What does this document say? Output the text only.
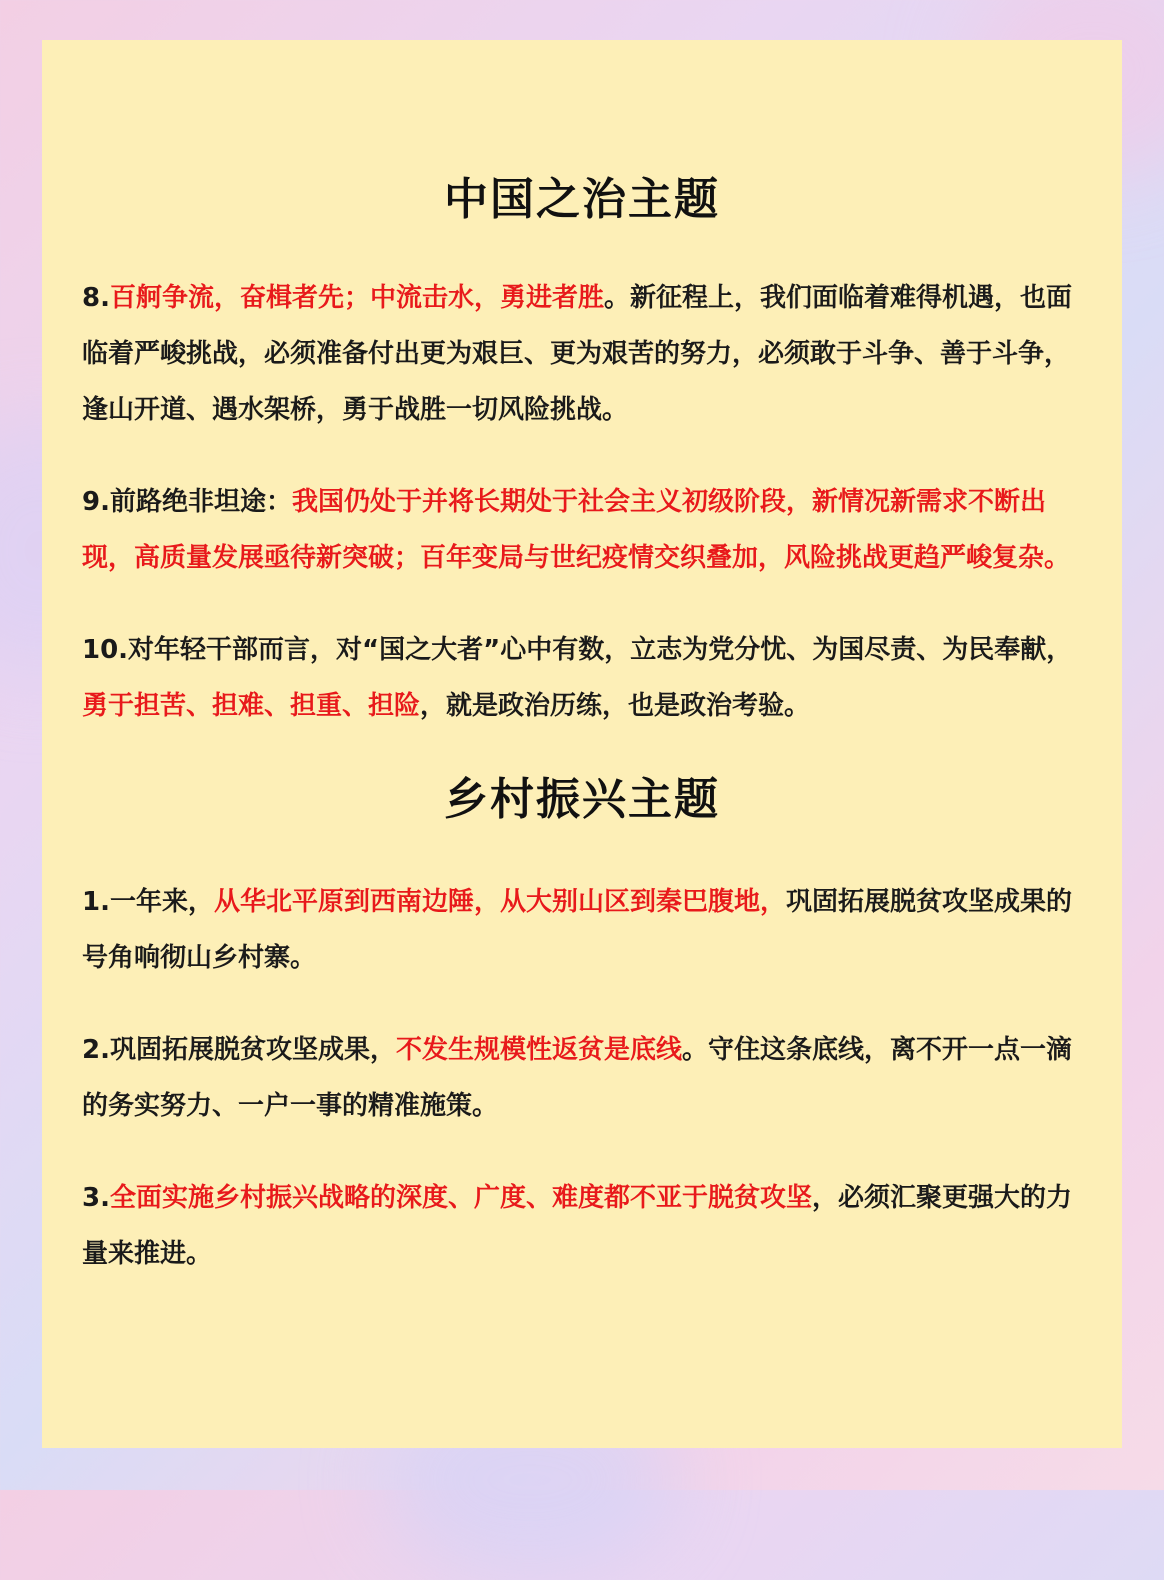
中国之治主题

8.百舸争流，奋楫者先；中流击水，勇进者胜。新征程上，我们面临着难得机遇，也面临着严峻挑战，必须准备付出更为艰巨、更为艰苦的努力，必须敢于斗争、善于斗争，逢山开道、遇水架桥，勇于战胜一切风险挑战。

9.前路绝非坦途：我国仍处于并将长期处于社会主义初级阶段，新情况新需求不断出现，高质量发展亟待新突破；百年变局与世纪疫情交织叠加，风险挑战更趋严峻复杂。

10.对年轻干部而言，对“国之大者”心中有数，立志为党分忧、为国尽责、为民奉献，勇于担苦、担难、担重、担险，就是政治历练，也是政治考验。

乡村振兴主题

1.一年来，从华北平原到西南边陲，从大别山区到秦巴腹地，巩固拓展脱贫攻坚成果的号角响彻山乡村寨。

2.巩固拓展脱贫攻坚成果，不发生规模性返贫是底线。守住这条底线，离不开一点一滴的务实努力、一户一事的精准施策。

3.全面实施乡村振兴战略的深度、广度、难度都不亚于脱贫攻坚，必须汇聚更强大的力量来推进。
